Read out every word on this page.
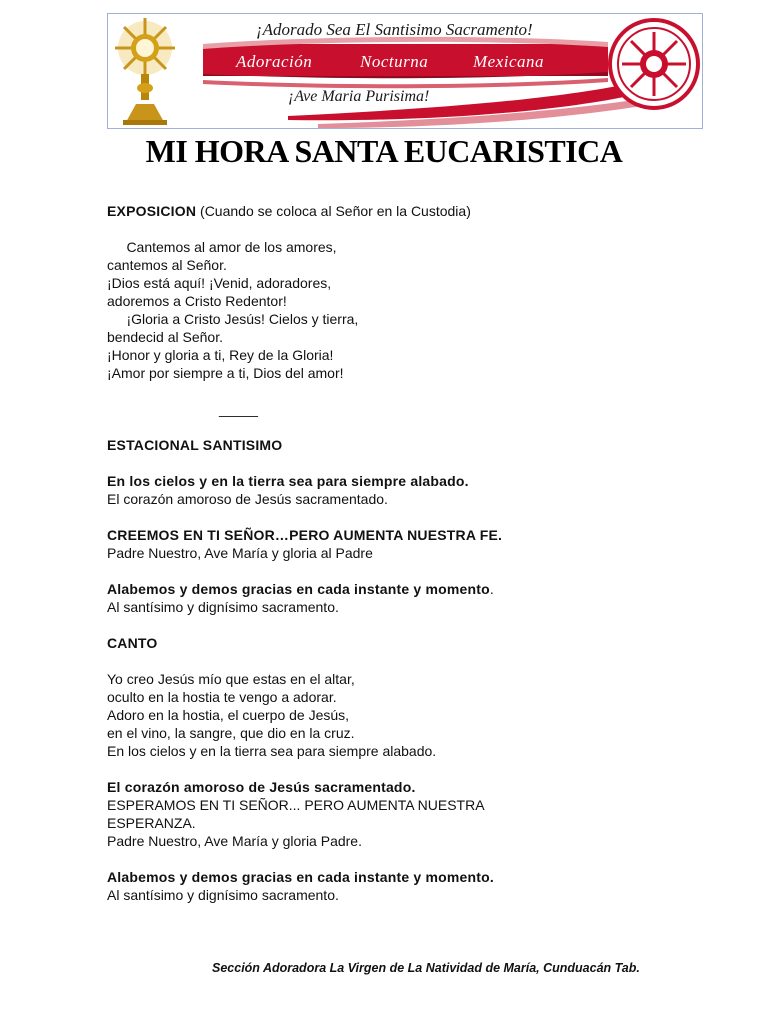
¡Adorado Sea El Santisimo Sacramento!
Adoración	Nocturna	Mexicana
¡Ave Maria Purisima!
MI HORA SANTA EUCARISTICA

EXPOSICION (Cuando se coloca al Señor en la Custodia)

Cantemos al amor de los amores,

cantemos al Señor.

¡Dios está aquí! ¡Venid, adoradores,

adoremos a Cristo Redentor!

¡Gloria a Cristo Jesús! Cielos y tierra,

bendecid al Señor.

¡Honor y gloria a ti, Rey de la Gloria!

¡Amor por siempre a ti, Dios del amor!

_____

ESTACIONAL SANTISIMO

En los cielos y en la tierra sea para siempre alabado.

El corazón amoroso de Jesús sacramentado.

CREEMOS EN TI SEÑOR…PERO AUMENTA NUESTRA FE.

Padre Nuestro, Ave María y gloria al Padre

Alabemos y demos gracias en cada instante y momento.

Al santísimo y dignísimo sacramento.

CANTO

Yo creo Jesús mío que estas en el altar,

oculto en la hostia te vengo a adorar.

Adoro en la hostia, el cuerpo de Jesús,

en el vino, la sangre, que dio en la cruz.

En los cielos y en la tierra sea para siempre alabado.

El corazón amoroso de Jesús sacramentado.

ESPERAMOS EN TI SEÑOR... PERO AUMENTA NUESTRA

ESPERANZA.

Padre Nuestro, Ave María y gloria Padre.

Alabemos y demos gracias en cada instante y momento.

Al santísimo y dignísimo sacramento.

Sección Adoradora La Virgen de La Natividad de María, Cunduacán Tab.
